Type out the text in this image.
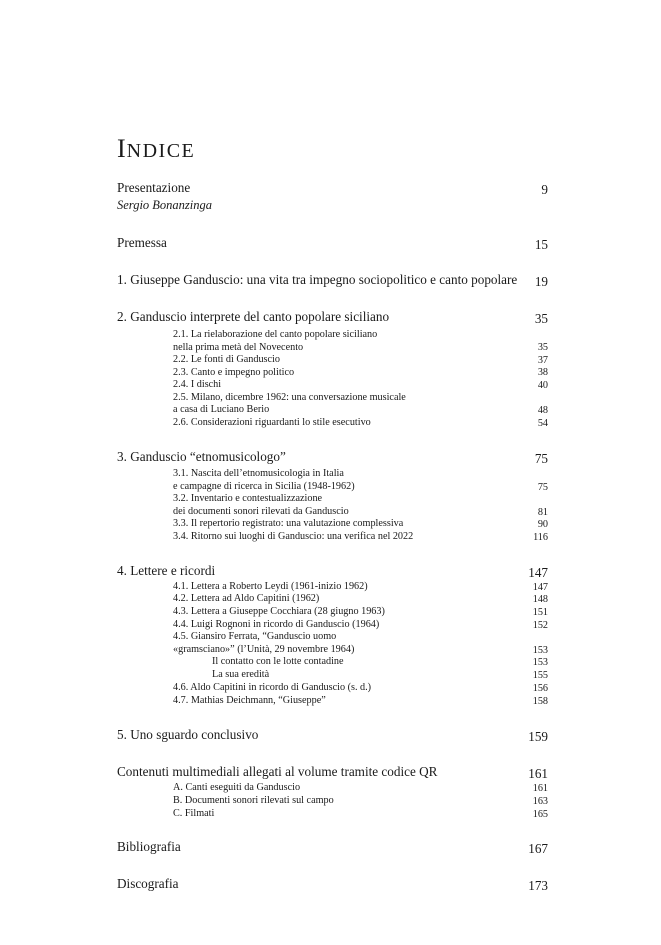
INDICE
Presentazione	9
Sergio Bonanzinga
Premessa	15
1. Giuseppe Ganduscio: una vita tra impegno sociopolitico e canto popolare 19
2. Ganduscio interprete del canto popolare siciliano	35
2.1. La rielaborazione del canto popolare siciliano
nella prima metà del Novecento	35
2.2. Le fonti di Ganduscio	37
2.3. Canto e impegno politico	38
2.4. I dischi	40
2.5. Milano, dicembre 1962: una conversazione musicale
a casa di Luciano Berio	48
2.6. Considerazioni riguardanti lo stile esecutivo	54
3. Ganduscio “etnomusicologo”	75
3.1. Nascita dell’etnomusicologia in Italia
e campagne di ricerca in Sicilia (1948-1962)	75
3.2. Inventario e contestualizzazione
dei documenti sonori rilevati da Ganduscio	81
3.3. Il repertorio registrato: una valutazione complessiva	90
3.4. Ritorno sui luoghi di Ganduscio: una verifica nel 2022	116
4. Lettere e ricordi	147
4.1. Lettera a Roberto Leydi (1961-inizio 1962)	147
4.2. Lettera ad Aldo Capitini (1962)	148
4.3. Lettera a Giuseppe Cocchiara (28 giugno 1963)	151
4.4. Luigi Rognoni in ricordo di Ganduscio (1964)	152
4.5. Giansiro Ferrata, “Ganduscio uomo
«gramsciano»” (l’Unità, 29 novembre 1964)	153
Il contatto con le lotte contadine	153
La sua eredità	155
4.6. Aldo Capitini in ricordo di Ganduscio (s. d.)	156
4.7. Mathias Deichmann, “Giuseppe”	158
5. Uno sguardo conclusivo	159
Contenuti multimediali allegati al volume tramite codice QR	161
A. Canti eseguiti da Ganduscio	161
B. Documenti sonori rilevati sul campo	163
C. Filmati	165
Bibliografia	167
Discografia	173
